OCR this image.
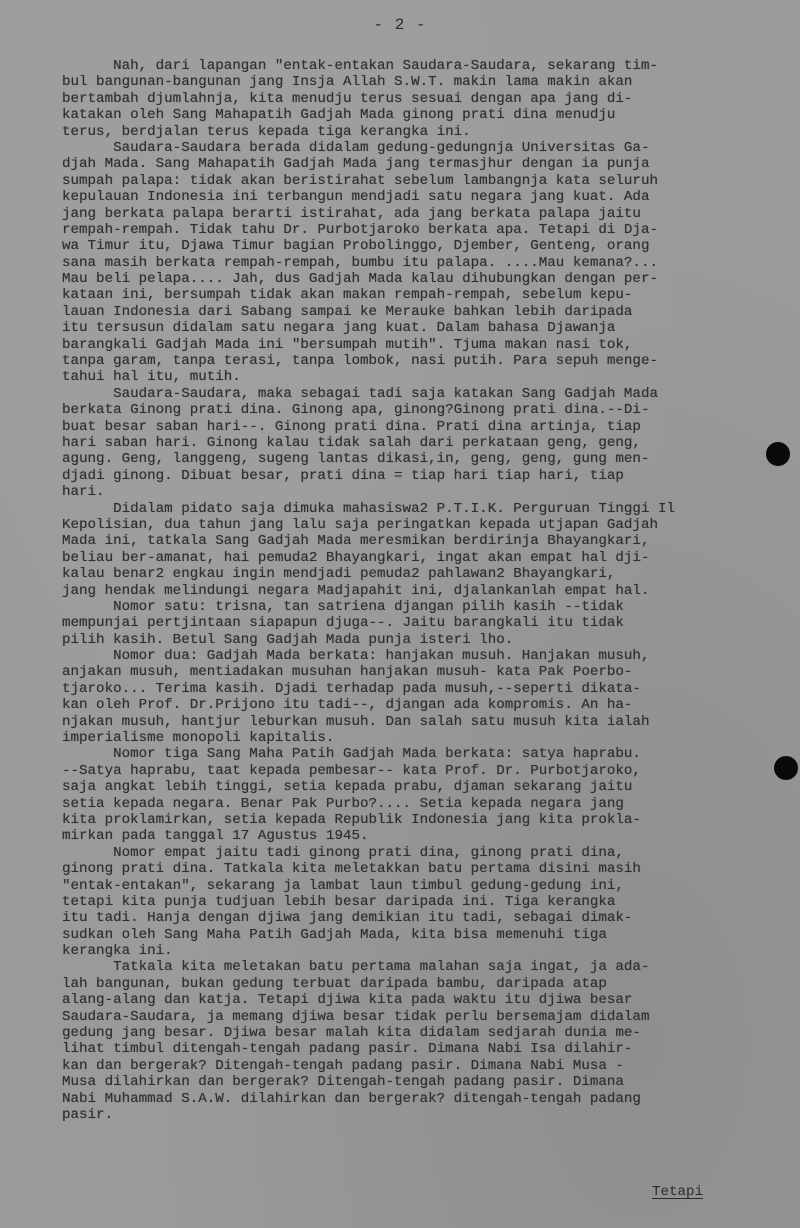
- 2 -
Nah, dari lapangan "entak-entakan Saudara-Saudara, sekarang tim-
bul bangunan-bangunan jang Insja Allah S.W.T. makin lama makin akan
bertambah djumlahnja, kita menudju terus sesuai dengan apa jang di-
katakan oleh Sang Mahapatih Gadjah Mada ginong prati dina menudju
terus, berdjalan terus kepada tiga kerangka ini.
Saudara-Saudara berada didalam gedung-gedungnja Universitas Ga-
djah Mada. Sang Mahapatih Gadjah Mada jang termasjhur dengan ia punja
sumpah palapa: tidak akan beristirahat sebelum lambangnja kata seluruh
kepulauan Indonesia ini terbangun mendjadi satu negara jang kuat. Ada
jang berkata palapa berarti istirahat, ada jang berkata palapa jaitu
rempah-rempah. Tidak tahu Dr. Purbotjaroko berkata apa. Tetapi di Dja-
wa Timur itu, Djawa Timur bagian Probolinggo, Djember, Genteng, orang
sana masih berkata rempah-rempah, bumbu itu palapa. ....Mau kemana?...
Mau beli pelapa.... Jah, dus Gadjah Mada kalau dihubungkan dengan per-
kataan ini, bersumpah tidak akan makan rempah-rempah, sebelum kepu-
lauan Indonesia dari Sabang sampai ke Merauke bahkan lebih daripada
itu tersusun didalam satu negara jang kuat. Dalam bahasa Djawanja
barangkali Gadjah Mada ini "bersumpah mutih". Tjuma makan nasi tok,
tanpa garam, tanpa terasi, tanpa lombok, nasi putih. Para sepuh menge-
tahui hal itu, mutih.
Saudara-Saudara, maka sebagai tadi saja katakan Sang Gadjah Mada
berkata Ginong prati dina. Ginong apa, ginong?Ginong prati dina.--Di-
buat besar saban hari--. Ginong prati dina. Prati dina artinja, tiap
hari saban hari. Ginong kalau tidak salah dari perkataan geng, geng,
agung. Geng, langgeng, sugeng lantas dikasi,in, geng, geng, gung men-
djadi ginong. Dibuat besar, prati dina = tiap hari tiap hari, tiap
hari.
Didalam pidato saja dimuka mahasiswa2 P.T.I.K. Perguruan Tinggi Il
Kepolisian, dua tahun jang lalu saja peringatkan kepada utjapan Gadjah
Mada ini, tatkala Sang Gadjah Mada meresmikan berdirinja Bhayangkari,
beliau ber-amanat, hai pemuda2 Bhayangkari, ingat akan empat hal dji-
kalau benar2 engkau ingin mendjadi pemuda2 pahlawan2 Bhayangkari,
jang hendak melindungi negara Madjapahit ini, djalankanlah empat hal.
Nomor satu: trisna, tan satriena djangan pilih kasih --tidak
mempunjai pertjintaan siapapun djuga--. Jaitu barangkali itu tidak
pilih kasih. Betul Sang Gadjah Mada punja isteri lho.
Nomor dua: Gadjah Mada berkata: hanjakan musuh. Hanjakan musuh,
anjakan musuh, mentiadakan musuhan hanjakan musuh- kata Pak Poerbo-
tjaroko... Terima kasih. Djadi terhadap pada musuh,--seperti dikata-
kan oleh Prof. Dr.Prijono itu tadi--, djangan ada kompromis. An ha-
njakan musuh, hantjur leburkan musuh. Dan salah satu musuh kita ialah
imperialisme monopoli kapitalis.
Nomor tiga Sang Maha Patih Gadjah Mada berkata: satya haprabu.
--Satya haprabu, taat kepada pembesar-- kata Prof. Dr. Purbotjaroko,
saja angkat lebih tinggi, setia kepada prabu, djaman sekarang jaitu
setia kepada negara. Benar Pak Purbo?.... Setia kepada negara jang
kita proklamirkan, setia kepada Republik Indonesia jang kita prokla-
mirkan pada tanggal 17 Agustus 1945.
Nomor empat jaitu tadi ginong prati dina, ginong prati dina,
ginong prati dina. Tatkala kita meletakkan batu pertama disini masih
"entak-entakan", sekarang ja lambat laun timbul gedung-gedung ini,
tetapi kita punja tudjuan lebih besar daripada ini. Tiga kerangka
itu tadi. Hanja dengan djiwa jang demikian itu tadi, sebagai dimak-
sudkan oleh Sang Maha Patih Gadjah Mada, kita bisa memenuhi tiga
kerangka ini.
Tatkala kita meletakan batu pertama malahan saja ingat, ja ada-
lah bangunan, bukan gedung terbuat daripada bambu, daripada atap
alang-alang dan katja. Tetapi djiwa kita pada waktu itu djiwa besar
Saudara-Saudara, ja memang djiwa besar tidak perlu bersemajam didalam
gedung jang besar. Djiwa besar malah kita didalam sedjarah dunia me-
lihat timbul ditengah-tengah padang pasir. Dimana Nabi Isa dilahir-
kan dan bergerak? Ditengah-tengah padang pasir. Dimana Nabi Musa -
Musa dilahirkan dan bergerak? Ditengah-tengah padang pasir. Dimana
Nabi Muhammad S.A.W. dilahirkan dan bergerak? ditengah-tengah padang
pasir.
Tetapi
